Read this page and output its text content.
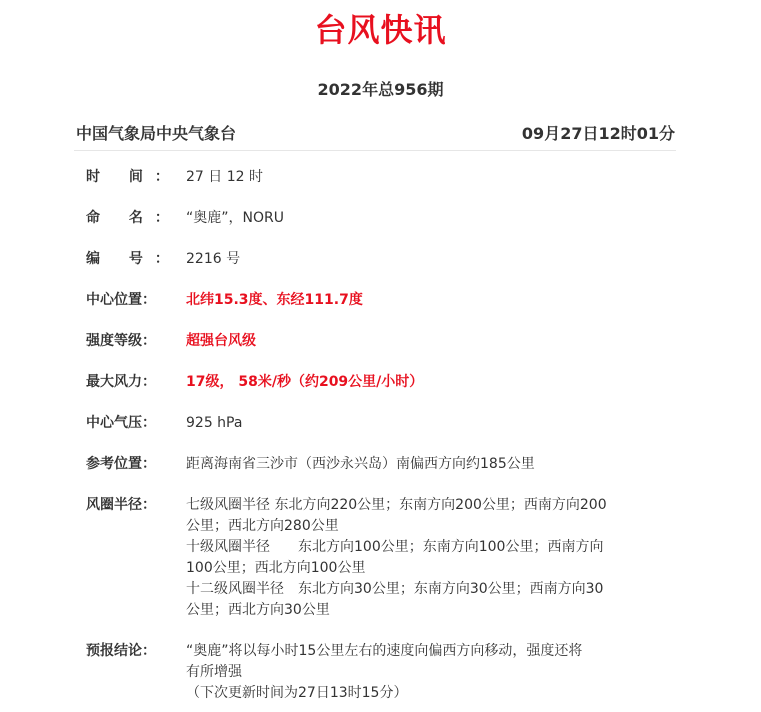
台风快讯
2022年总956期
中国气象局中央气象台	09月27日12时01分
时 间： 27 日 12 时
命 名： “奥鹿”，NORU
编 号： 2216 号
中心位置：	北纬15.3度、东经111.7度
强度等级：	超强台风级
最大风力：	17级， 58米/秒（约209公里/小时）
中心气压：	925 hPa
参考位置：	距离海南省三沙市（西沙永兴岛）南偏西方向约185公里
风圈半径：	七级风圈半径 东北方向220公里；东南方向200公里；西南方向200
公里；西北方向280公里
十级风圈半径　　东北方向100公里；东南方向100公里；西南方向
100公里；西北方向100公里
十二级风圈半径　东北方向30公里；东南方向30公里；西南方向30
公里；西北方向30公里
预报结论：	“奥鹿”将以每小时15公里左右的速度向偏西方向移动，强度还将
有所增强
（下次更新时间为27日13时15分）
